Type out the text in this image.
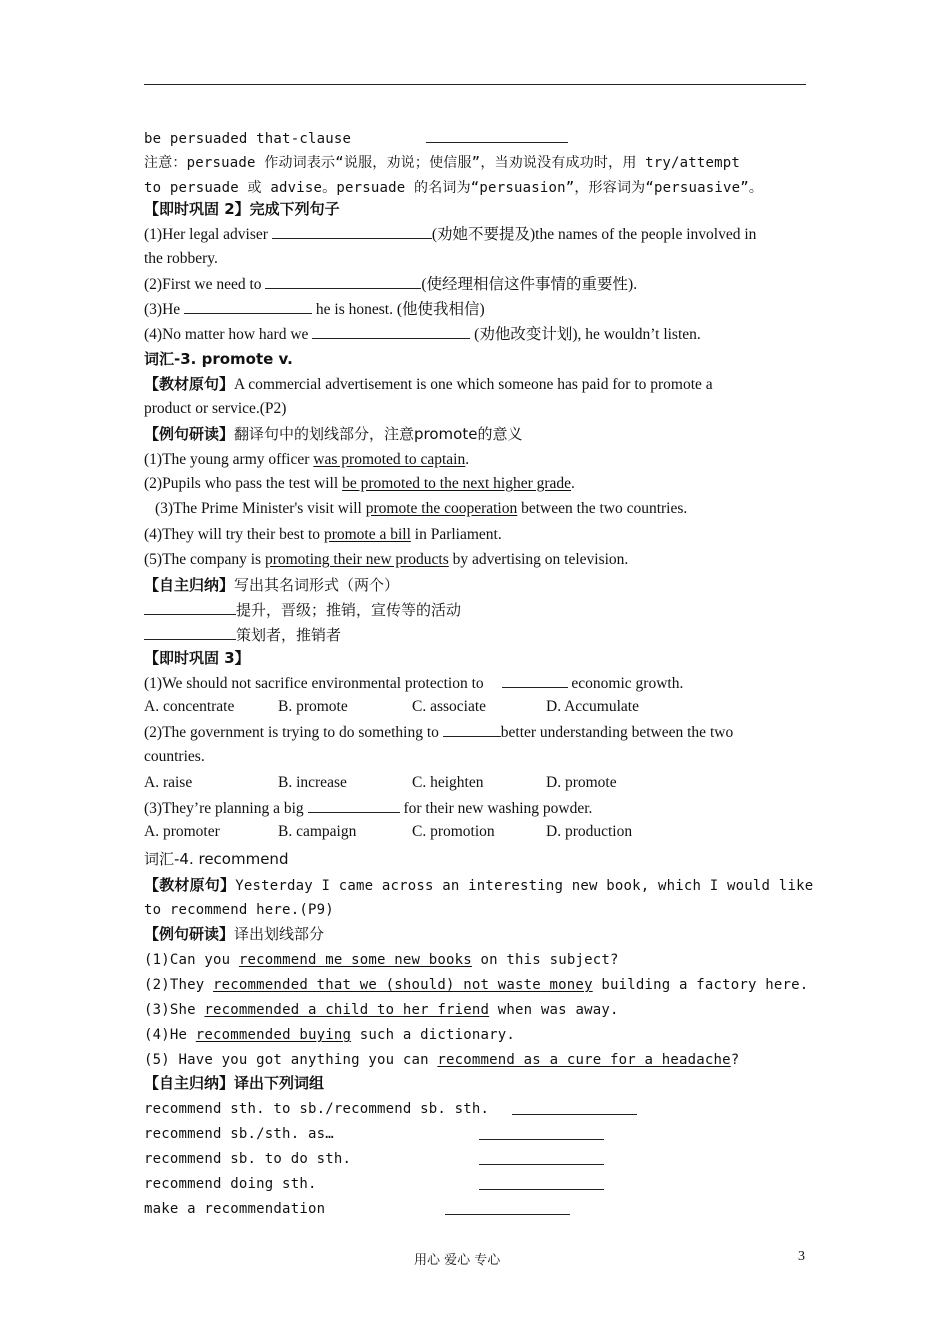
be persuaded that-clause
注意：persuade 作动词表示“说服，劝说；使信服”，当劝说没有成功时，用 try/attempt
to persuade 或 advise。persuade 的名词为“persuasion”，形容词为“persuasive”。
【即时巩固 2】完成下列句子
(1)Her legal adviser	(劝她不要提及)the names of the people involved in
the robbery.
(2)First we need to	(使经理相信这件事情的重要性).
(3)He	he is honest. (他使我相信)
(4)No matter how hard we	(劝他改变计划), he wouldn’t listen.
词汇-3. promote v.
【教材原句】A commercial advertisement is one which someone has paid for to promote a
product or service.(P2)
【例句研读】翻译句中的划线部分，注意promote的意义
(1)The young army officer was promoted to captain.
(2)Pupils who pass the test will be promoted to the next higher grade.
(3)The Prime Minister's visit will promote the cooperation between the two countries.
(4)They will try their best to promote a bill in Parliament.
(5)The company is promoting their new products by advertising on television.
【自主归纳】写出其名词形式（两个）
提升，晋级；推销，宣传等的活动
策划者，推销者
【即时巩固 3】
(1)We should not sacrifice environmental protection to	economic growth.
A. concentrate	B. promote	C. associate	D. Accumulate
(2)The government is trying to do something to	better understanding between the two
countries.
A. raise	B. increase	C. heighten	D. promote
(3)They’re planning a big	for their new washing powder.
A. promoter	B. campaign	C. promotion	D. production
词汇-4. recommend
【教材原句】Yesterday I came across an interesting new book, which I would like
to recommend here.(P9)
【例句研读】译出划线部分
(1)Can you recommend me some new books on this subject?
(2)They recommended that we (should) not waste money building a factory here.
(3)She recommended a child to her friend when was away.
(4)He recommended buying such a dictionary.
(5) Have you got anything you can recommend as a cure for a headache?
【自主归纳】译出下列词组
recommend sth. to sb./recommend sb. sth.
recommend sb./sth. as…
recommend sb. to do sth.
recommend doing sth.
make a recommendation
用心 爱心 专心	3
